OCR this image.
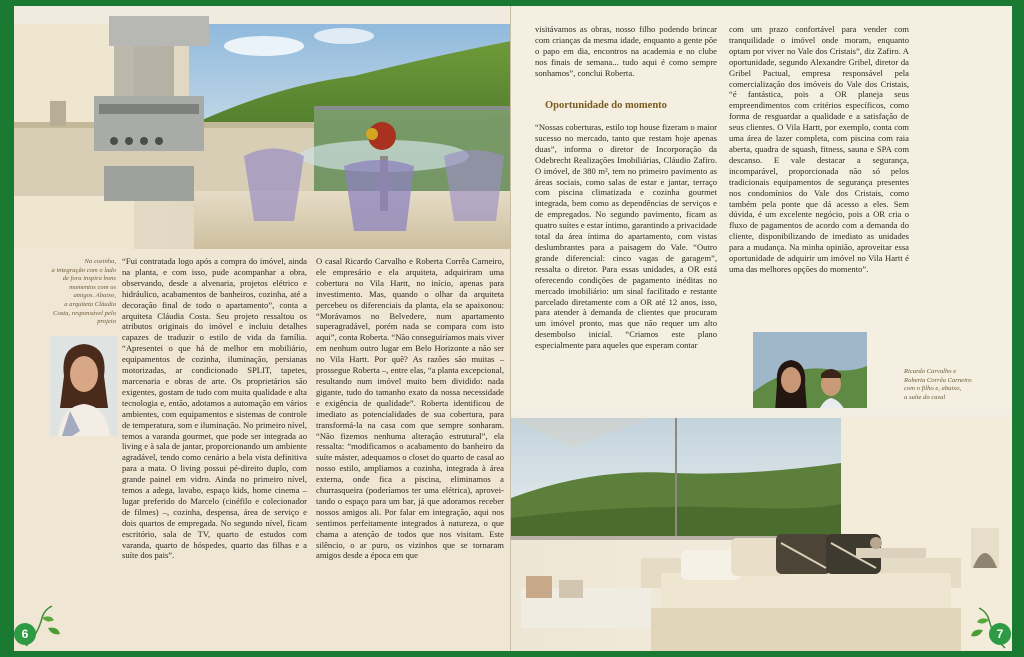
Na cozinha,
a integração com o lado
de fora inspira bons
momentos com os
amigos. Abaixo,
a arquiteta Cláudia
Costa, responsável pelo
projeto
“Fui contratada logo após a compra do imóvel, ainda na planta, e com isso, pude acompanhar a obra, observando, desde a alvenaria, projetos elétrico e hidráulico, acabamentos de banheiros, cozinha, até a decoração final de todo o apartamento”, conta a arquiteta Cláudia Costa. Seu projeto ressaltou os atributos originais do imóvel e incluiu detalhes capazes de traduzir o estilo de vida da família. “Apresentei o que há de melhor em mobiliário, equipamentos de cozinha, iluminação, persianas motorizadas, ar condicionado SPLIT, tapetes, marcenaria e obras de arte. Os proprietários são exigentes, gostam de tudo com muita qualidade e alta tecnologia e, então, adotamos a automação em vários ambientes, com equipamentos e sistemas de controle de temperatura, som e iluminação. No primeiro nível, temos a varanda gourmet, que pode ser integrada ao living e à sala de jantar, proporcionando um ambiente agradável, tendo como cenário a bela vista definitiva para a mata. O living possui pé-direito duplo, com grande painel em vidro. Ainda no primeiro nível, temos a adega, lavabo, espaço kids, home cinema – lugar preferido do Marcelo (cinéfilo e colecionador de filmes) –, cozinha, despensa, área de serviço e dois quartos de empregada. No segundo nível, ficam escritório, sala de TV, quarto de estudos com varanda, quarto de hóspedes, quarto das filhas e a suíte dos pais”.
O casal Ricardo Carvalho e Roberta Corrêa Carneiro, ele empresário e ela arquiteta, adquiriram uma cobertura no Vila Hartt, no início, apenas para investimento. Mas, quando o olhar da arquiteta percebeu os diferenciais da planta, ela se apaixonou: “Morávamos no Belvedere, num apartamento superagradável, porém nada se compara com isto aqui”, conta Roberta. “Não conseguiríamos mais viver em nenhum outro lugar em Belo Horizonte a não ser no Vila Hartt. Por quê? As razões são muitas – prossegue Roberta –, entre elas, “a planta excepcional, resultando num imóvel muito bem dividido: nada gigante, tudo do tamanho exato da nossa necessidade e exigência de qualidade”. Roberta identificou de imediato as potencialidades de sua cobertura, para transformá-la na casa com que sempre sonharam. “Não fizemos nenhuma alteração estrutural”, ela ressalta: “modificamos o acabamento do banheiro da suíte máster, adequamos o closet do quarto de casal ao nosso estilo, ampliamos a cozinha, integrada à área externa, onde fica a piscina, eliminamos a churrasqueira (poderíamos ter uma elétrica), aproveitando o espaço para um bar, já que adoramos receber nossos amigos ali. Por falar em integração, aqui nos sentimos perfeitamente integrados à natureza, o que chama a atenção de todos que nos visitam. Este silêncio, o ar puro, os vizinhos que se tornaram amigos desde a época em que
6
visitávamos as obras, nosso filho podendo brincar com crianças da mesma idade, enquanto a gente põe o papo em dia, encontros na academia e no clube nos finais de semana... tudo aqui é como sempre sonhamos”, conclui Roberta.
Oportunidade do momento
“Nossas coberturas, estilo top house fizeram o maior sucesso no mercado, tanto que restam hoje apenas duas”, informa o diretor de Incorporação da Odebrecht Realizações Imobiliárias, Cláudio Zafiro. O imóvel, de 380 m², tem no primeiro pavimento as áreas sociais, como salas de estar e jantar, terraço com piscina climatizada e cozinha gourmet integrada, bem como as dependências de serviços e de empregados. No segundo pavimento, ficam as quatro suítes e estar íntimo, garantindo a privacidade total da área íntima do apartamento, com vistas deslumbrantes para a paisagem do Vale. “Outro grande diferencial: cinco vagas de garagem”, ressalta o diretor. Para essas unidades, a OR está oferecendo condições de pagamento inéditas no mercado imobiliário: um sinal facilitado e restante parcelado diretamente com a OR até 12 anos, isso, para atender à demanda de clientes que procuram um imóvel pronto, mas que não requer um alto desembolso inicial. “Criamos este plano especialmente para aqueles que esperam contar
com um prazo confortável para vender com tranquilidade o imóvel onde moram, enquanto optam por viver no Vale dos Cristais”, diz Zafiro. A oportunidade, segundo Alexandre Gribel, diretor da Gribel Pactual, empresa responsável pela comercialização dos imóveis do Vale dos Cristais, “é fantástica, pois a OR planeja seus empreendimentos com critérios específicos, como forma de resguardar a qualidade e a satisfação de seus clientes. O Vila Hartt, por exemplo, conta com uma área de lazer completa, com piscina com raia aberta, quadra de squash, fitness, sauna e SPA com descanso. E vale destacar a segurança, incomparável, proporcionada não só pelos tradicionais equipamentos de segurança presentes nos condomínios do Vale dos Cristais, como também pela ponte que dá acesso a eles. Sem dúvida, é um excelente negócio, pois a OR cria o fluxo de pagamentos de acordo com a demanda do cliente, disponibilizando de imediato as unidades para a mudança. Na minha opinião, aproveitar essa oportunidade de adquirir um imóvel no Vila Hartt é uma das melhores opções do momento”.
Ricardo Carvalho e
Roberta Corrêa Carneiro
com o filho e, abaixo,
a suíte do casal
7
